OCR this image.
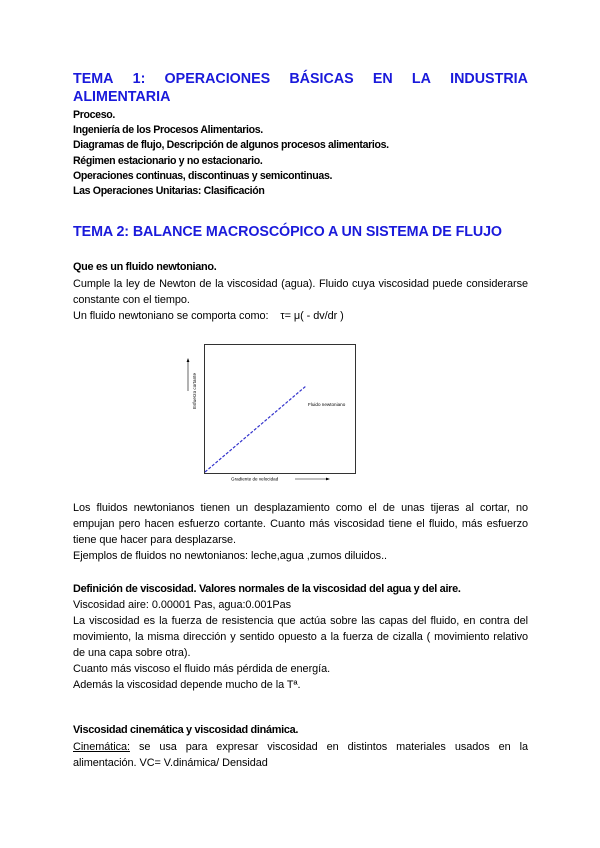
TEMA 1: OPERACIONES BÁSICAS EN LA INDUSTRIA
ALIMENTARIA
Proceso.
Ingeniería de los Procesos Alimentarios.
Diagramas de flujo, Descripción de algunos procesos alimentarios.
Régimen estacionario y no estacionario.
Operaciones continuas, discontinuas y semicontinuas.
Las Operaciones Unitarias: Clasificación
TEMA 2: BALANCE MACROSCÓPICO A UN SISTEMA DE FLUJO
Que es un fluido newtoniano.

Cumple la ley de Newton de la viscosidad (agua). Fluido cuya viscosidad puede considerarse constante con el tiempo.

Un fluido newtoniano se comporta como:    τ= μ( - dv/dr )

Fluido newtoniano
Esfuerzo cortante
Gradiente de velocidad

Los fluidos newtonianos tienen un desplazamiento como el de unas tijeras al cortar, no empujan pero hacen esfuerzo cortante. Cuanto más viscosidad tiene el fluido, más esfuerzo tiene que hacer para desplazarse.

Ejemplos de fluidos no newtonianos: leche,agua ,zumos diluidos..

Definición de viscosidad. Valores normales de la viscosidad del agua y del aire.

Viscosidad aire: 0.00001 Pas, agua:0.001Pas

La viscosidad es la fuerza de resistencia que actúa sobre las capas del fluido, en contra del movimiento, la misma dirección y sentido opuesto a la fuerza de cizalla ( movimiento relativo de una capa sobre otra).

Cuanto más viscoso el fluido más pérdida de energía.

Además la viscosidad depende mucho de la Tª.

Viscosidad cinemática y viscosidad dinámica.

Cinemática: se usa para expresar viscosidad en distintos materiales usados en la alimentación. VC= V.dinámica/ Densidad
